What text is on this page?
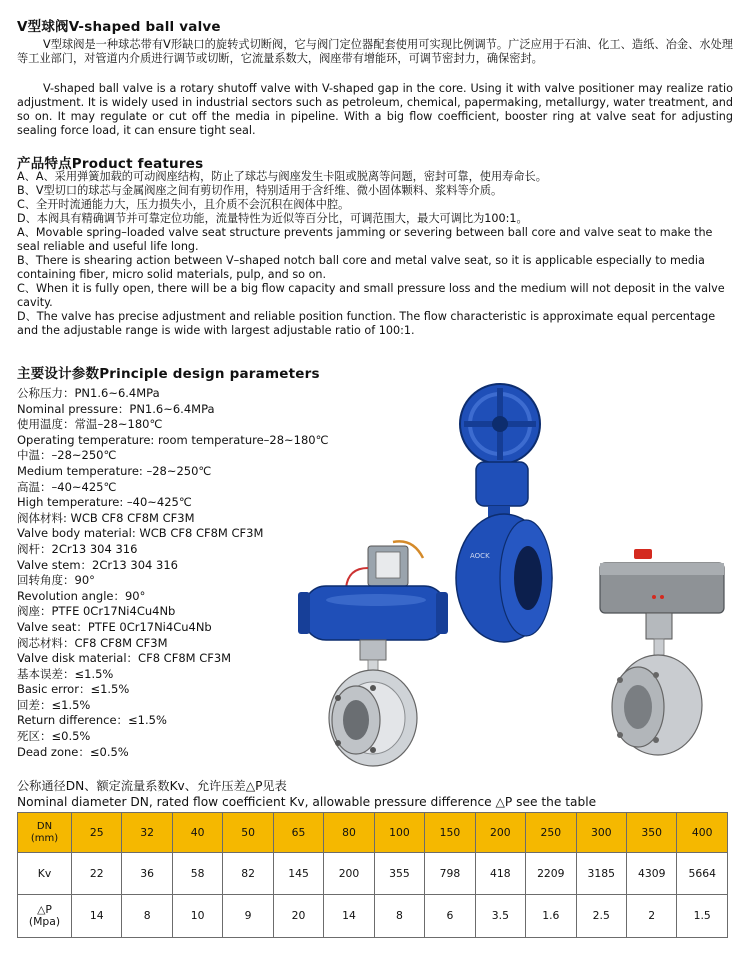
V型球阀V-shaped ball valve

V型球阀是一种球芯带有V形缺口的旋转式切断阀，它与阀门定位器配套使用可实现比例调节。广泛应用于石油、化工、造纸、冶金、水处理等工业部门，对管道内介质进行调节或切断，它流量系数大，阀座带有增能环，可调节密封力，确保密封。

V-shaped ball valve is a rotary shutoff valve with V-shaped gap in the core. Using it with valve positioner may realize ratio adjustment. It is widely used in industrial sectors such as petroleum, chemical, papermaking, metallurgy, water treatment, and so on. It may regulate or cut off the media in pipeline. With a big flow coefficient, booster ring at valve seat for adjusting sealing force load, it can ensure tight seal.

产品特点Product features
A、A、采用弹簧加载的可动阀座结构，防止了球芯与阀座发生卡阻或脱离等问题，密封可靠，使用寿命长。
B、V型切口的球芯与金属阀座之间有剪切作用，特别适用于含纤维、微小固体颗料、浆料等介质。
C、全开时流通能力大，压力损失小，且介质不会沉积在阀体中腔。
D、本阀具有精确调节并可靠定位功能，流量特性为近似等百分比，可调范围大，最大可调比为100:1。
A、Movable spring–loaded valve seat structure prevents jamming or severing between ball core and valve seat to make the seal reliable and useful life long.
B、There is shearing action between V–shaped notch ball core and metal valve seat, so it is applicable especially to media containing fiber, micro solid materials, pulp, and so on.
C、When it is fully open, there will be a big flow capacity and small pressure loss and the medium will not deposit in the valve cavity.
D、The valve has precise adjustment and reliable position function. The flow characteristic is approximate equal percentage and the adjustable range is wide with largest adjustable ratio of 100:1.
主要设计参数Principle design parameters
公称压力：PN1.6~6.4MPa
Nominal pressure：PN1.6~6.4MPa
使用温度：常温–28~180℃
Operating temperature: room temperature–28~180℃
中温：–28~250℃
Medium temperature: –28~250℃
高温：–40~425℃
High temperature: –40~425℃
阀体材料: WCB CF8 CF8M CF3M
Valve body material: WCB CF8 CF8M CF3M
阀杆：2Cr13 304 316
Valve stem：2Cr13 304 316
回转角度：90°
Revolution angle：90°
阀座：PTFE 0Cr17Ni4Cu4Nb
Valve seat：PTFE 0Cr17Ni4Cu4Nb
阀芯材料：CF8 CF8M CF3M
Valve disk material：CF8 CF8M CF3M
基本误差：≤1.5%
Basic error：≤1.5%
回差：≤1.5%
Return difference：≤1.5%
死区：≤0.5%
Dead zone：≤0.5%
AOCK
公称通径DN、额定流量系数Kv、允许压差△P见表
Nominal diameter DN, rated flow coefficient Kv, allowable pressure difference △P see the table
DN
(mm)	25	32	40	50	65	80	100	150	200	250	300	350	400
Kv	22	36	58	82	145	200	355	798	418	2209	3185	4309	5664

△P
(Mpa)	14	8	10	9	20	14	8	6	3.5	1.6	2.5	2	1.5
